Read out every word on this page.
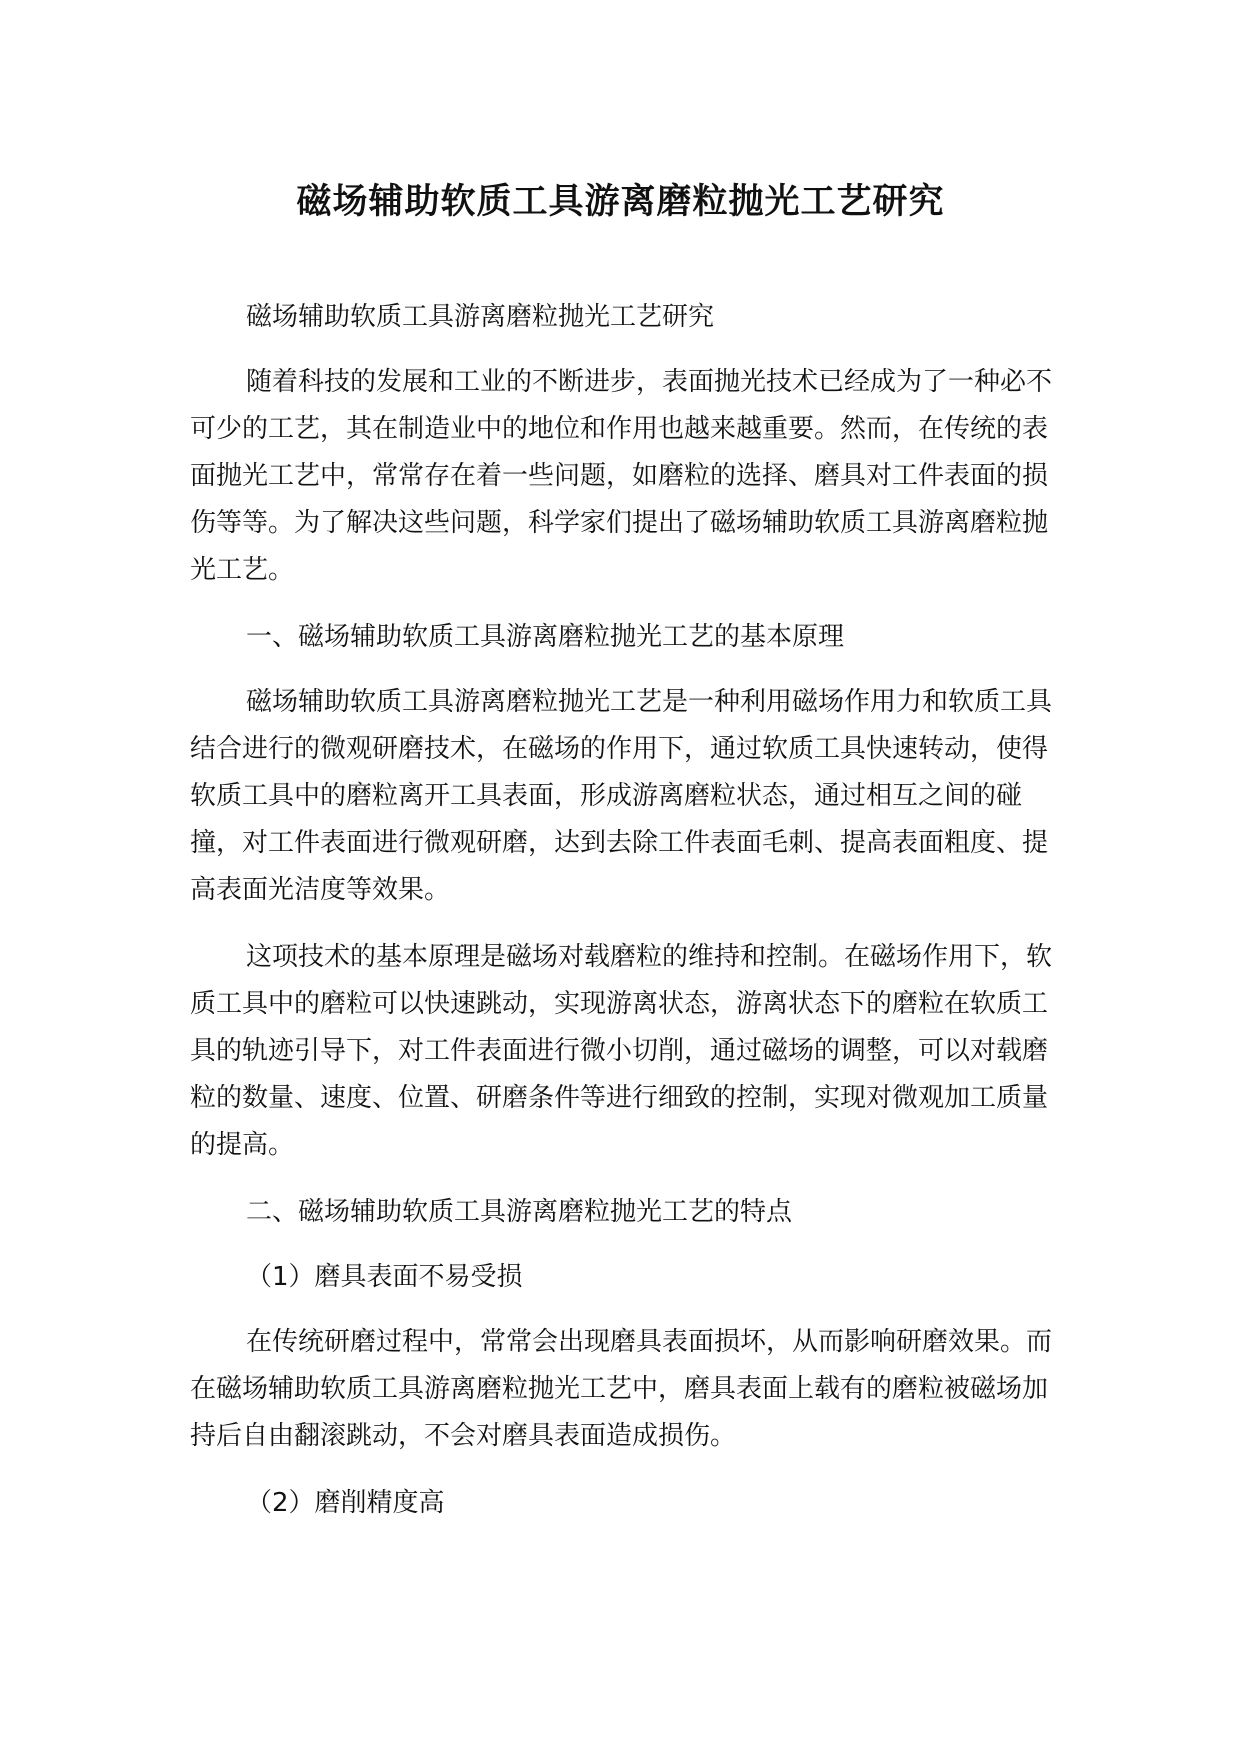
磁场辅助软质工具游离磨粒抛光工艺研究

磁场辅助软质工具游离磨粒抛光工艺研究

随着科技的发展和工业的不断进步，表面抛光技术已经成为了一种必不可少的工艺，其在制造业中的地位和作用也越来越重要。然而，在传统的表面抛光工艺中，常常存在着一些问题，如磨粒的选择、磨具对工件表面的损伤等等。为了解决这些问题，科学家们提出了磁场辅助软质工具游离磨粒抛光工艺。

一、磁场辅助软质工具游离磨粒抛光工艺的基本原理

磁场辅助软质工具游离磨粒抛光工艺是一种利用磁场作用力和软质工具结合进行的微观研磨技术，在磁场的作用下，通过软质工具快速转动，使得软质工具中的磨粒离开工具表面，形成游离磨粒状态，通过相互之间的碰撞，对工件表面进行微观研磨，达到去除工件表面毛刺、提高表面粗度、提高表面光洁度等效果。

这项技术的基本原理是磁场对载磨粒的维持和控制。在磁场作用下，软质工具中的磨粒可以快速跳动，实现游离状态，游离状态下的磨粒在软质工具的轨迹引导下，对工件表面进行微小切削，通过磁场的调整，可以对载磨粒的数量、速度、位置、研磨条件等进行细致的控制，实现对微观加工质量的提高。

二、磁场辅助软质工具游离磨粒抛光工艺的特点

（1）磨具表面不易受损

在传统研磨过程中，常常会出现磨具表面损坏，从而影响研磨效果。而在磁场辅助软质工具游离磨粒抛光工艺中，磨具表面上载有的磨粒被磁场加持后自由翻滚跳动，不会对磨具表面造成损伤。

（2）磨削精度高
